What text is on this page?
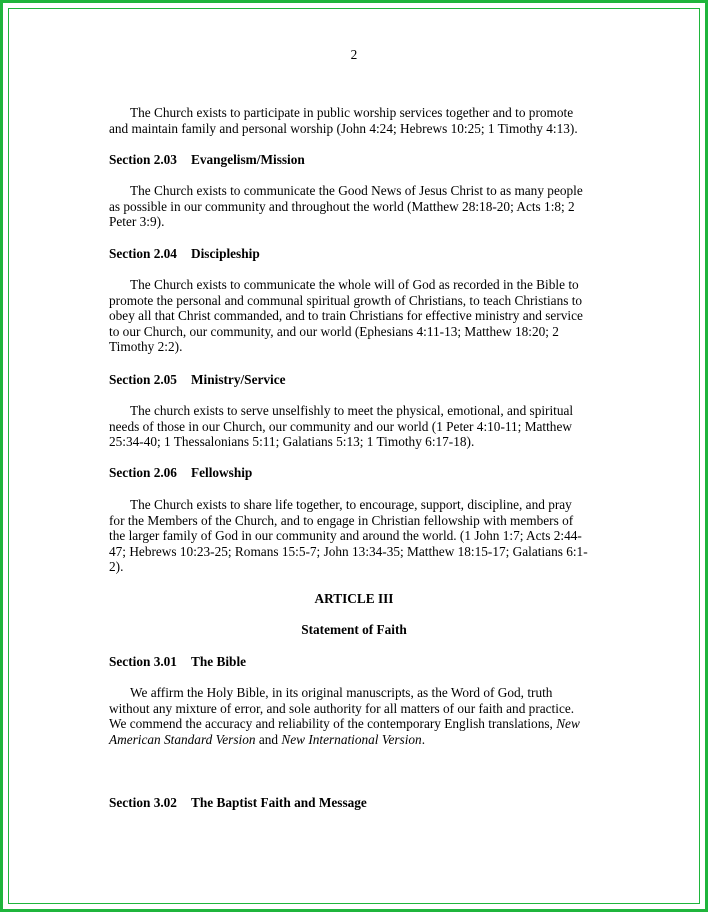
2
The Church exists to participate in public worship services together and to promote
and maintain family and personal worship (John 4:24; Hebrews 10:25; 1 Timothy 4:13).
Section 2.03 Evangelism/Mission
The Church exists to communicate the Good News of Jesus Christ to as many people
as possible in our community and throughout the world (Matthew 28:18-20; Acts 1:8; 2
Peter 3:9).
Section 2.04 Discipleship
The Church exists to communicate the whole will of God as recorded in the Bible to
promote the personal and communal spiritual growth of Christians, to teach Christians to
obey all that Christ commanded, and to train Christians for effective ministry and service
to our Church, our community, and our world (Ephesians 4:11-13; Matthew 18:20; 2
Timothy 2:2).
Section 2.05 Ministry/Service
The church exists to serve unselfishly to meet the physical, emotional, and spiritual
needs of those in our Church, our community and our world (1 Peter 4:10-11; Matthew
25:34-40; 1 Thessalonians 5:11; Galatians 5:13; 1 Timothy 6:17-18).
Section 2.06 Fellowship
The Church exists to share life together, to encourage, support, discipline, and pray
for the Members of the Church, and to engage in Christian fellowship with members of
the larger family of God in our community and around the world. (1 John 1:7; Acts 2:44-
47; Hebrews 10:23-25; Romans 15:5-7; John 13:34-35; Matthew 18:15-17; Galatians 6:1-
2).
ARTICLE III
Statement of Faith
Section 3.01 The Bible
We affirm the Holy Bible, in its original manuscripts, as the Word of God, truth
without any mixture of error, and sole authority for all matters of our faith and practice.
We commend the accuracy and reliability of the contemporary English translations, New
American Standard Version and New International Version.
Section 3.02 The Baptist Faith and Message
